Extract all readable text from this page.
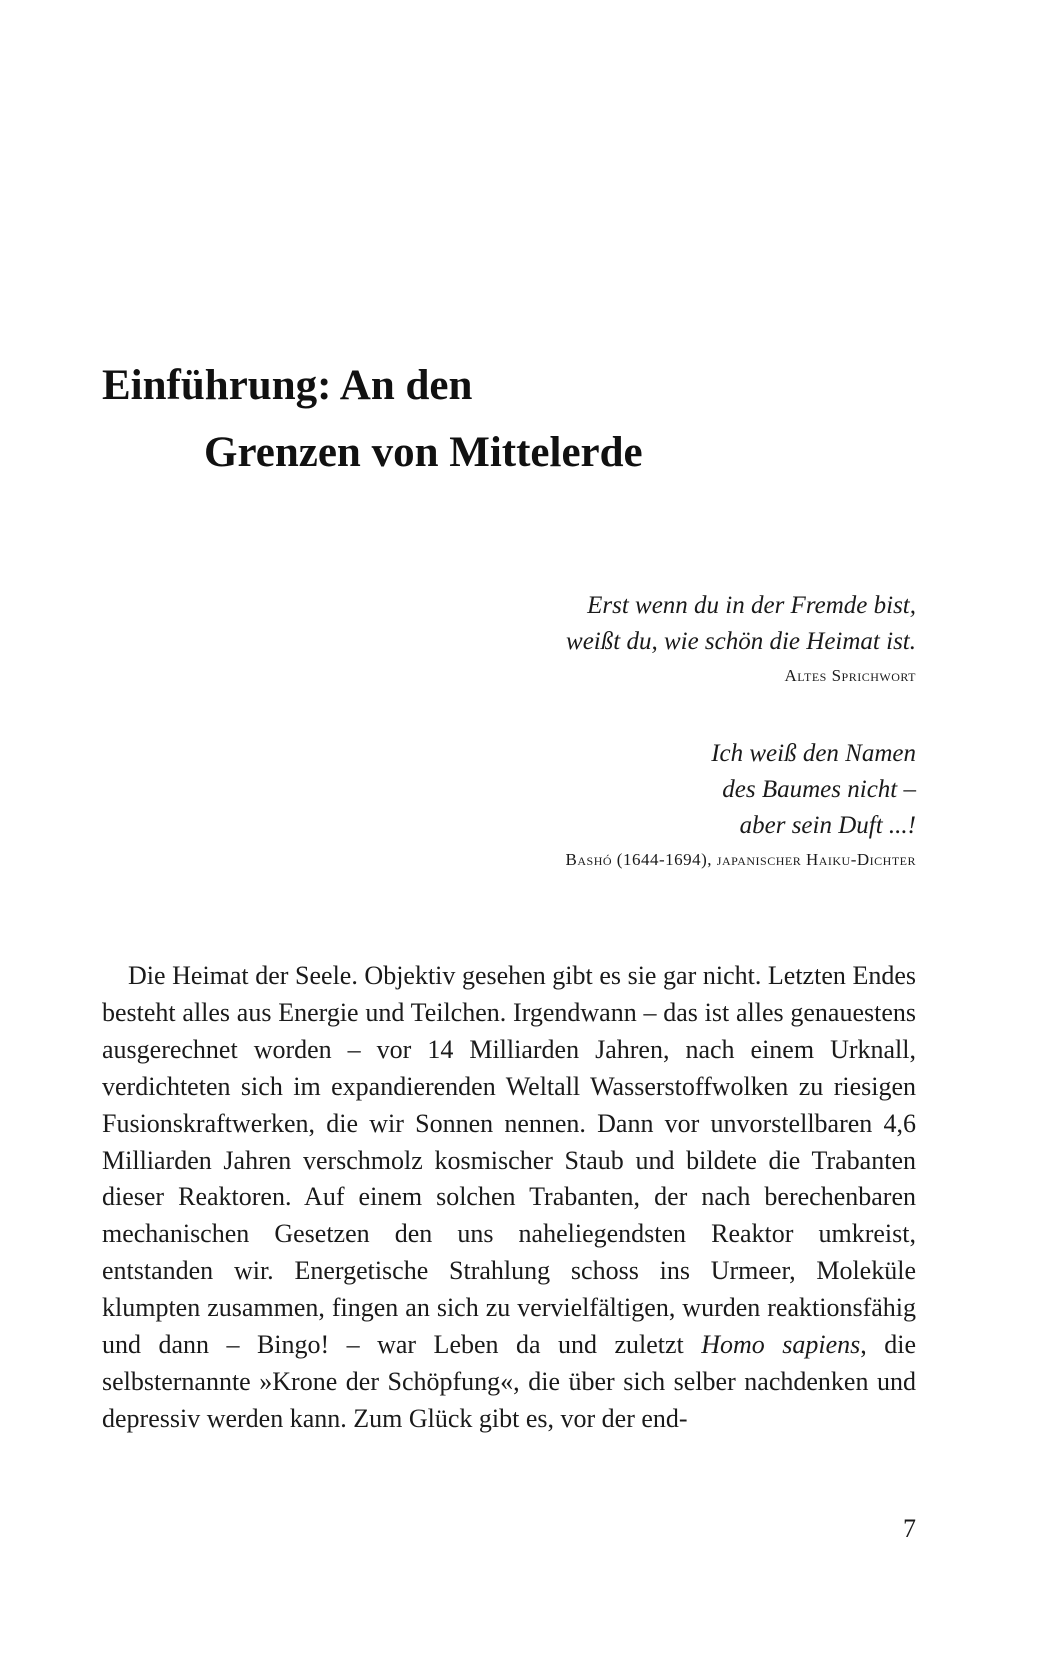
Einführung: An den
Grenzen von Mittelerde
Erst wenn du in der Fremde bist,
weißt du, wie schön die Heimat ist.
Altes Sprichwort
Ich weiß den Namen
des Baumes nicht –
aber sein Duft ...!
Bashó (1644-1694), japanischer Haiku-Dichter

Die Heimat der Seele. Objektiv gesehen gibt es sie gar nicht. Letzten Endes besteht alles aus Energie und Teilchen. Irgendwann – das ist alles genauestens ausgerechnet worden – vor 14 Milliarden Jahren, nach einem Urknall, verdichteten sich im expandierenden Weltall Wasserstoffwolken zu riesigen Fusionskraftwerken, die wir Sonnen nennen. Dann vor unvorstellbaren 4,6 Milliarden Jahren verschmolz kosmischer Staub und bildete die Trabanten dieser Reaktoren. Auf einem solchen Trabanten, der nach berechenbaren mechanischen Gesetzen den uns naheliegendsten Reaktor umkreist, entstanden wir. Energetische Strahlung schoss ins Urmeer, Moleküle klumpten zusammen, fingen an sich zu vervielfältigen, wurden reaktionsfähig und dann – Bingo! – war Leben da und zuletzt Homo sapiens, die selbsternannte »Krone der Schöpfung«, die über sich selber nachdenken und depressiv werden kann. Zum Glück gibt es, vor der end-

7
